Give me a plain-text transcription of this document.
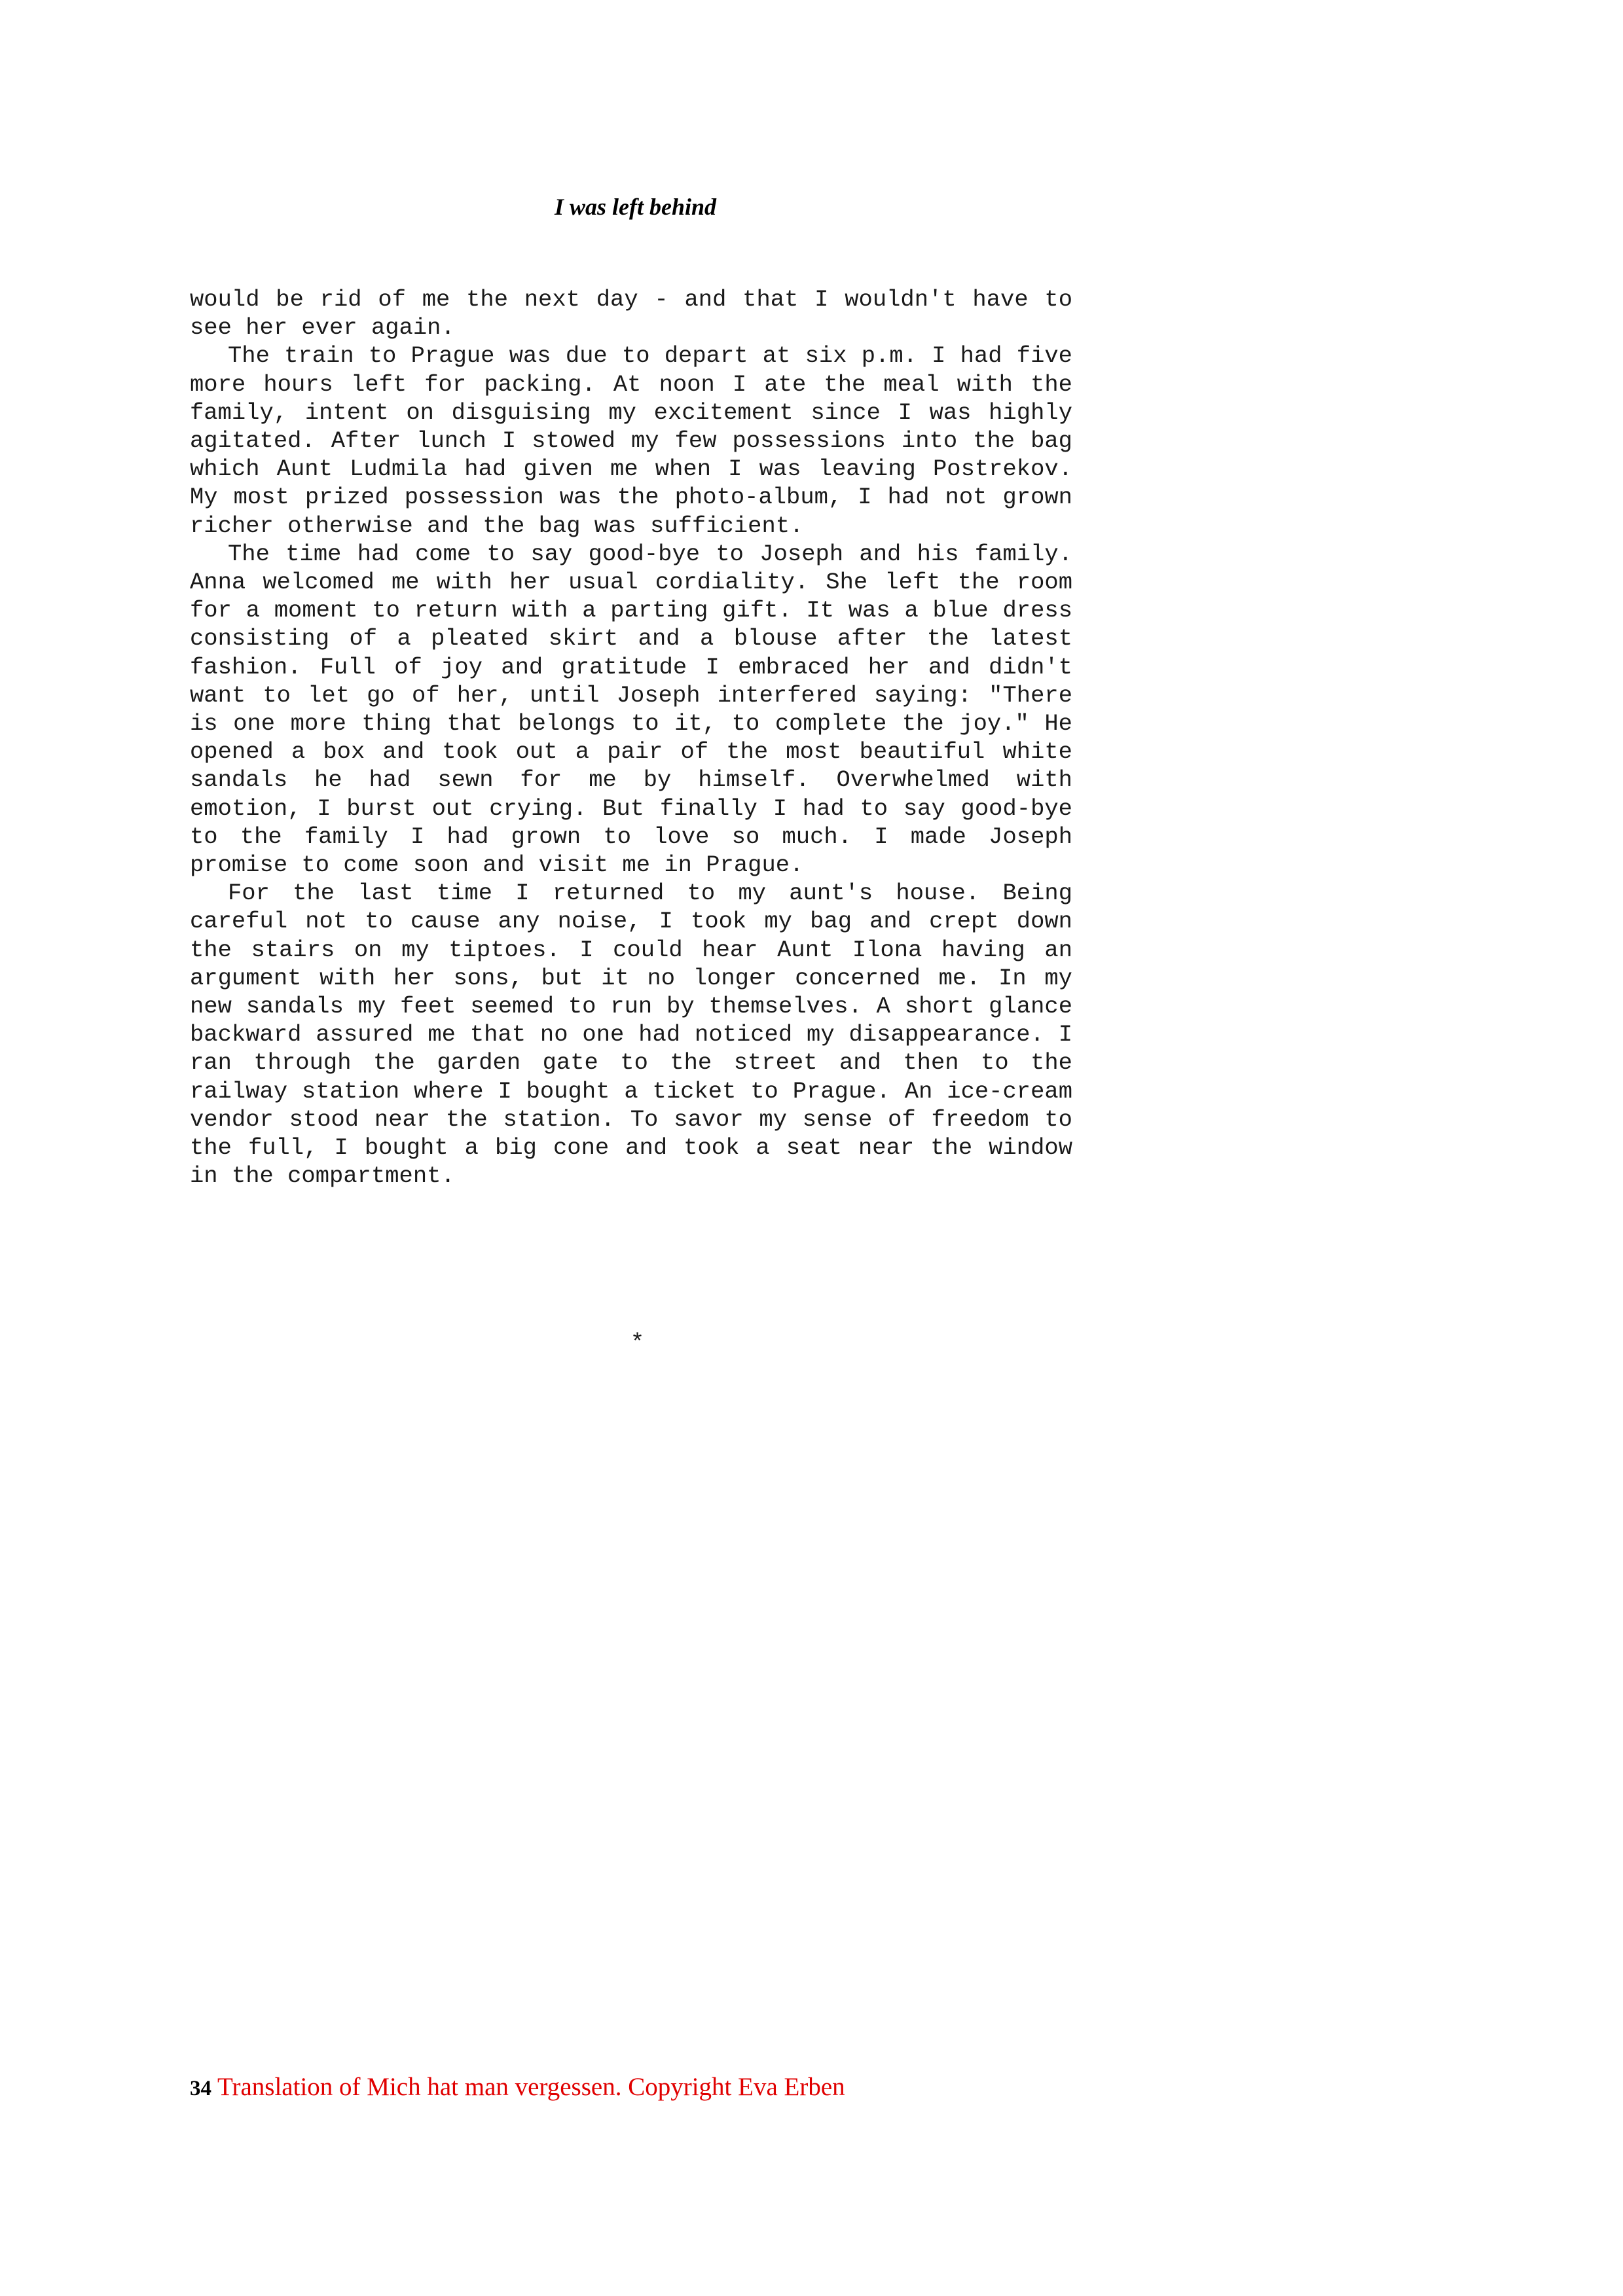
I was left behind

would be rid of me the next day - and that I wouldn't have to see her ever again.

The train to Prague was due to depart at six p.m. I had five more hours left for packing. At noon I ate the meal with the family, intent on disguising my excitement since I was highly agitated. After lunch I stowed my few possessions into the bag which Aunt Ludmila had given me when I was leaving Postrekov. My most prized possession was the photo-album, I had not grown richer otherwise and the bag was sufficient.

The time had come to say good-bye to Joseph and his family. Anna welcomed me with her usual cordiality. She left the room for a moment to return with a parting gift. It was a blue dress consisting of a pleated skirt and a blouse after the latest fashion. Full of joy and gratitude I embraced her and didn't want to let go of her, until Joseph interfered saying: "There is one more thing that belongs to it, to complete the joy." He opened a box and took out a pair of the most beautiful white sandals he had sewn for me by himself. Overwhelmed with emotion, I burst out crying. But finally I had to say good-bye to the family I had grown to love so much. I made Joseph promise to come soon and visit me in Prague.

For the last time I returned to my aunt's house. Being careful not to cause any noise, I took my bag and crept down the stairs on my tiptoes. I could hear Aunt Ilona having an argument with her sons, but it no longer concerned me. In my new sandals my feet seemed to run by themselves. A short glance backward assured me that no one had noticed my disappearance. I ran through the garden gate to the street and then to the railway station where I bought a ticket to Prague. An ice-cream vendor stood near the station. To savor my sense of freedom to the full, I bought a big cone and took a seat near the window in the compartment.

*
34 Translation of Mich hat man vergessen. Copyright Eva Erben
